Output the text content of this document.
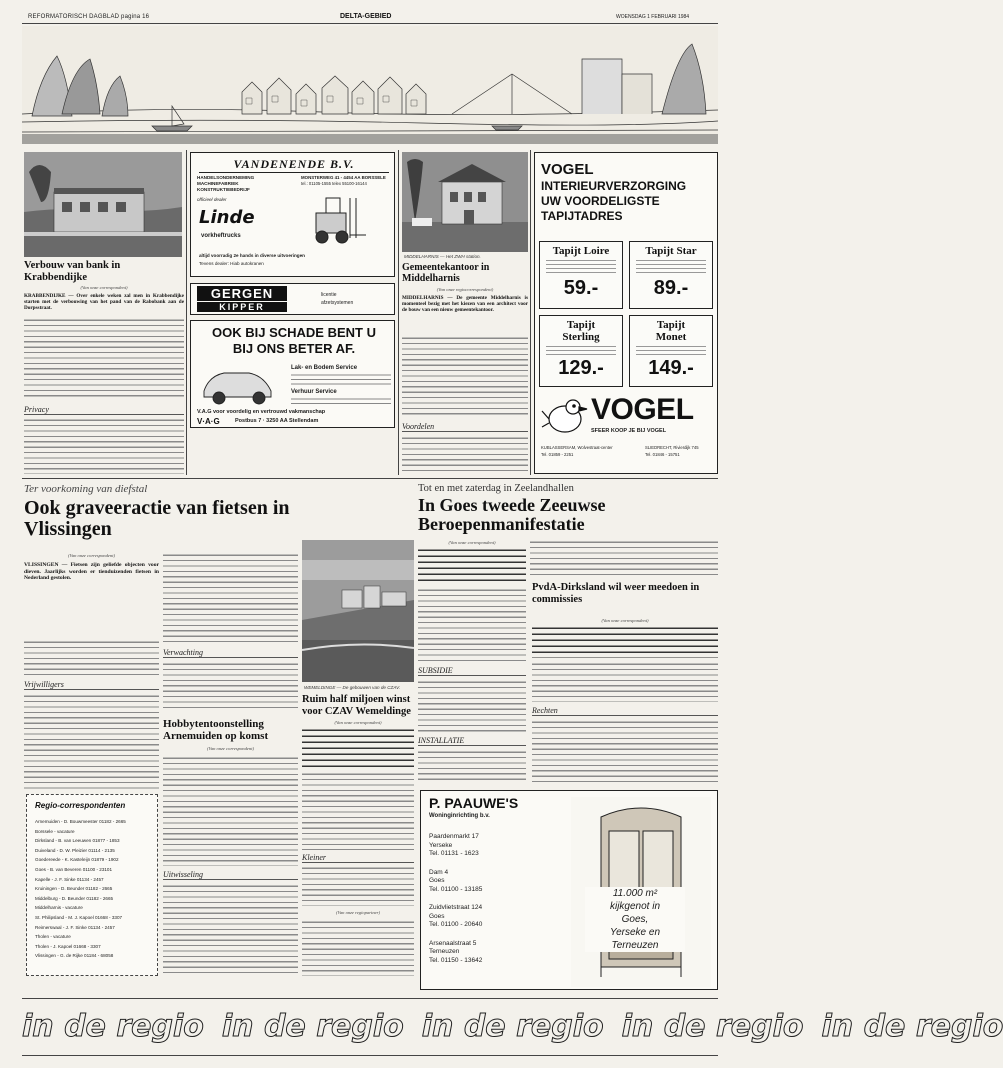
REFORMATORISCH DAGBLAD pagina 16	DELTA-GEBIED	WOENSDAG 1 FEBRUARI 1984
Verbouw van bank in Krabbendijke
(Van onze correspondent)
KRABBENDIJKE — Over enkele weken zal men in Krabbendijke starten met de verbouwing van het pand van de Raboba​nk aan de Dorpsstraat.
Privacy
VANDENENDE B.V.
HANDELSONDERNEMING
MACHINEFABRIEK
KONSTRUKTIEBEDRIJF
MONSTERWEG 41 - 4454 AA BORSSELE
tel.: 01105-1555 telex 55100-16144
officieel dealer
Linde
vorkheftrucks
altijd voorradig 2e hands in diverse uitvoeringen
Tevens dealer: Hiab autokranen
GERGEN
KIPPER
licentie
afzetsystemen
OOK BIJ SCHADE BENT U
BIJ ONS BETER AF.
Lak- en Bodem Service
Verhuur Service
V.A.G voor voordelig en vertrouwd vakmanschap
V·A·G	Postbus 7 · 3250 AA Stellendam
MIDDELHARNIS — Het ZWH station.
Gemeentekantoor in Middelharnis
(Van onze regiocorrespondent)
MIDDELHARNIS — De gemeente Middelharnis is momenteel bezig met het kiezen van een architect voor de bouw van een nieuw gemeentekantoor.
Voordelen
VOGEL
INTERIEURVERZORGING
UW VOORDELIGSTE
TAPIJTADRES
Tapijt Loire
59.-
Tapijt Star
89.-
Tapijt Sterling
129.-
Tapijt Monet
149.-
VOGEL
SFEER KOOP JE BIJ VOGEL
KUBLASSERSAM, Wolvestraat-center
Tel. 01859 - 2251
SLIEDRECHT, Rivierdijk 745
Tel. 01846 - 15751
Ter voorkoming van diefstal
Ook graveeractie van fietsen in Vlissingen
(Van onze correspondent)
VLISSINGEN — Fietsen zijn geliefde objecten voor dieven. Jaarlijks worden er tienduizenden fietsen in Nederland gestolen.
Vrijwilligers
Regio-correspondenten
Arnemuiden - D. Bouwmeester 01182 - 2665
Borssele - vacature
Dirksland - B. van Leeuwen 01877 - 1853
Duiveland - D. W. Pleizier 01114 - 2135
Goedereede - K. Kasteleijn 01879 - 1902
Goes - B. van Beveren 01100 - 23101
Kapelle - J. F. Sinke 01134 - 2457
Kruiningen - D. Beunder 01182 - 2665
Middelburg - D. Beunder 01182 - 2665
Middelharnis - vacature
St. Philipsland - M. J. Kapoel 01668 - 3307
Reimerswaal - J. F. Sinke 01134 - 2457
Tholen - vacature
Tholen - J. Kapoel 01668 - 3307
Vlissingen - G. de Rijke 01184 - 68058
Verwachting
Hobbytentoonstelling Arnemuiden op komst
(Van onze correspondent)
Uitwisseling
WEMELDINGE — De gebouwen van de CZAV.
Ruim half miljoen winst voor CZAV Wemeldinge
(Van onze correspondent)
Kleiner
(Van onze regiopartner)
Tot en met zaterdag in Zeelandhallen
In Goes tweede Zeeuwse Beroepenmanifestatie
(Van onze correspondent)
SUBSIDIE
INSTALLATIE
PvdA-Dirksland wil weer meedoen in commissies
(Van onze correspondent)
Rechten
P. PAAUWE'S
Woninginrichting b.v.
Paardenmarkt 17
Yerseke
Tel. 01131 - 1623
Dam 4
Goes
Tel. 01100 - 13185
Zuidvlietstraat 124
Goes
Tel. 01100 - 20640
Arsenaalstraat 5
Terneuzen
Tel. 01150 - 13642
11.000 m²
kijkgenot in
Goes,
Yerseke en
Terneuzen
in de regio in de regio in de regio in de regio in de regio
